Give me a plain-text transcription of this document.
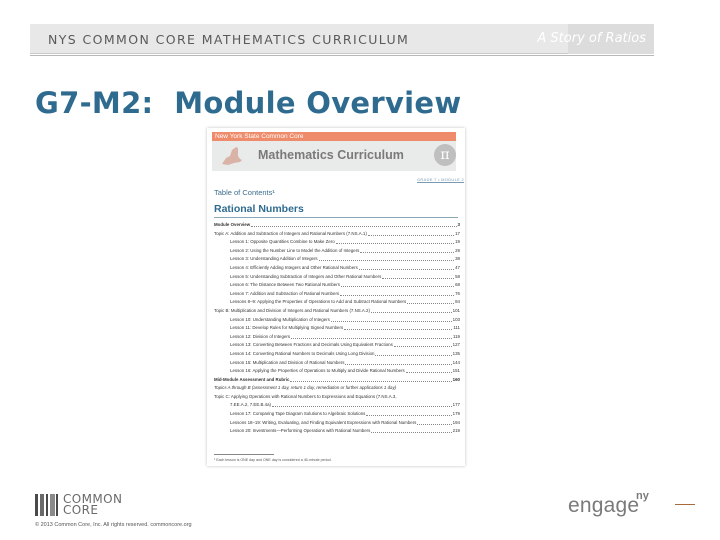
NYS COMMON CORE MATHEMATICS CURRICULUM	A Story of Ratios
G7-M2:  Module Overview
New York State Common Core
Mathematics Curriculum	π
GRADE 7 • MODULE 2
Table of Contents¹
Rational Numbers
Module Overview	3
Topic A: Addition and Subtraction of Integers and Rational Numbers (7.NS.A.1)	17
Lesson 1: Opposite Quantities Combine to Make Zero	19
Lesson 2: Using the Number Line to Model the Addition of Integers	29
Lesson 3: Understanding Addition of Integers	38
Lesson 4: Efficiently Adding Integers and Other Rational Numbers	47
Lesson 5: Understanding Subtraction of Integers and Other Rational Numbers	58
Lesson 6: The Distance Between Two Rational Numbers	68
Lesson 7: Addition and Subtraction of Rational Numbers	76
Lessons 8–9: Applying the Properties of Operations to Add and Subtract Rational Numbers	84
Topic B: Multiplication and Division of Integers and Rational Numbers (7.NS.A.2)	101
Lesson 10: Understanding Multiplication of Integers	103
Lesson 11: Develop Rules for Multiplying Signed Numbers	111
Lesson 12: Division of Integers	119
Lesson 13: Converting Between Fractions and Decimals Using Equivalent Fractions	127
Lesson 14: Converting Rational Numbers to Decimals Using Long Division	135
Lesson 15: Multiplication and Division of Rational Numbers	144
Lesson 16: Applying the Properties of Operations to Multiply and Divide Rational Numbers	151
Mid-Module Assessment and Rubric	160
Topics A through B (assessment 1 day, return 1 day, remediation or further applications 1 day)
Topic C: Applying Operations with Rational Numbers to Expressions and Equations (7.NS.A.3,
7.EE.A.2, 7.EE.B.4a)	177
Lesson 17: Comparing Tape Diagram Solutions to Algebraic Solutions	179
Lessons 18–19: Writing, Evaluating, and Finding Equivalent Expressions with Rational Numbers	194
Lesson 20: Investments—Performing Operations with Rational Numbers	219
¹ Each lesson is ONE day and ONE day is considered a 45-minute period.
COMMON
CORE
© 2013 Common Core, Inc. All rights reserved. commoncore.org
engage
ny
